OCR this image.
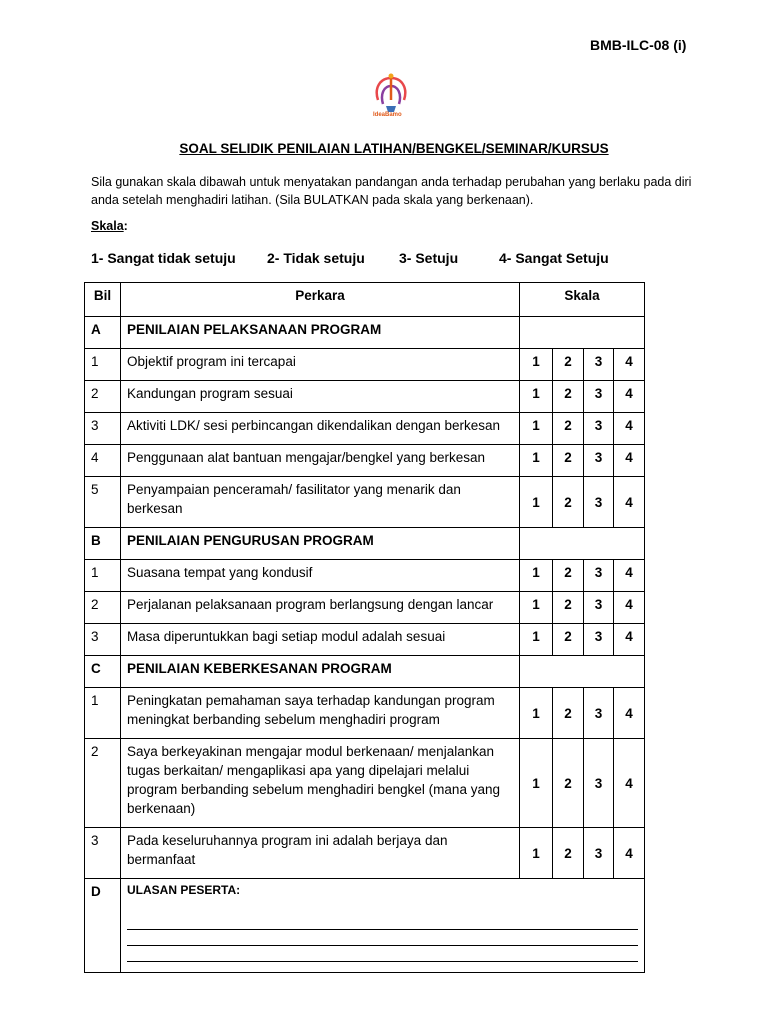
BMB-ILC-08 (i)
IdeaBamo
SOAL SELIDIK PENILAIAN LATIHAN/BENGKEL/SEMINAR/KURSUS
Sila gunakan skala dibawah untuk menyatakan pandangan anda terhadap perubahan yang berlaku pada diri anda setelah menghadiri latihan. (Sila BULATKAN pada skala yang berkenaan).
Skala:
1- Sangat tidak setuju 2- Tidak setuju 3- Setuju	4- Sangat Setuju
Bil	Perkara	Skala			
A	PENILAIAN PELAKSANAAN PROGRAM				
1	Objektif program ini tercapai	1	2	3	4
2	Kandungan program sesuai	1	2	3	4
3	Aktiviti LDK/ sesi perbincangan dikendalikan dengan berkesan	1	2	3	4
4	Penggunaan alat bantuan mengajar/bengkel yang berkesan	1	2	3	4
5	Penyampaian penceramah/ fasilitator yang menarik dan berkesan	1	2	3	4
B	PENILAIAN PENGURUSAN PROGRAM				
1	Suasana tempat yang kondusif	1	2	3	4
2	Perjalanan pelaksanaan program berlangsung dengan lancar	1	2	3	4
3	Masa diperuntukkan bagi setiap modul adalah sesuai	1	2	3	4
C	PENILAIAN KEBERKESANAN PROGRAM				
1	Peningkatan pemahaman saya terhadap kandungan program meningkat berbanding sebelum menghadiri program	1	2	3	4
2	Saya berkeyakinan mengajar modul berkenaan/ menjalankan tugas berkaitan/ mengaplikasi apa yang dipelajari melalui program berbanding sebelum menghadiri bengkel (mana yang berkenaan)	1	2	3	4
3	Pada keseluruhannya program ini adalah berjaya dan bermanfaat	1	2	3	4
D	ULASAN PESERTA:				
